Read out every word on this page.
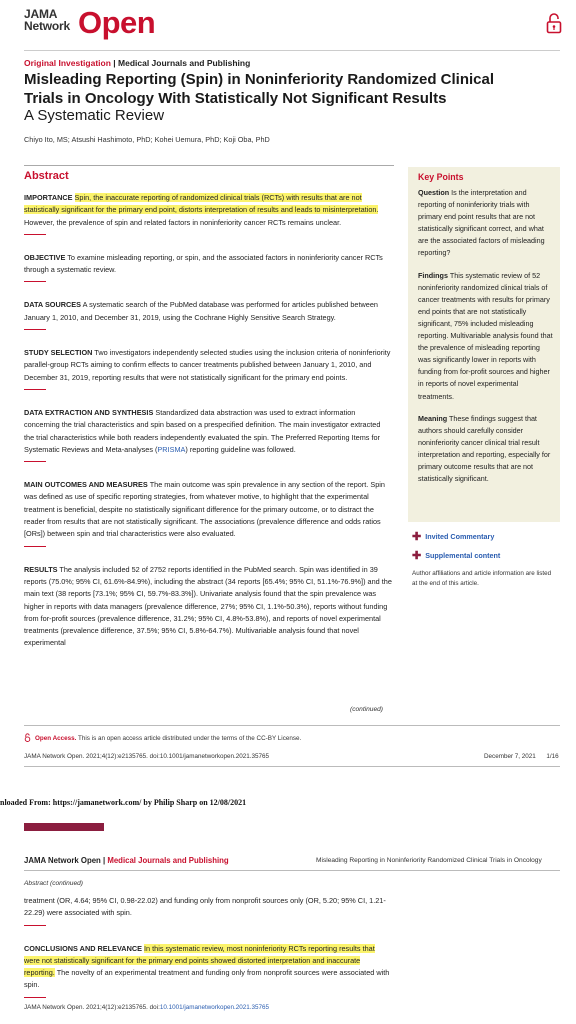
JAMA
Network Open
Original Investigation | Medical Journals and Publishing
Misleading Reporting (Spin) in Noninferiority Randomized Clinical Trials in Oncology With Statistically Not Significant Results
A Systematic Review
Chiyo Ito, MS; Atsushi Hashimoto, PhD; Kohei Uemura, PhD; Koji Oba, PhD
Abstract

IMPORTANCE Spin, the inaccurate reporting of randomized clinical trials (RCTs) with results that are not statistically significant for the primary end point, distorts interpretation of results and leads to misinterpretation. However, the prevalence of spin and related factors in noninferiority cancer RCTs remains unclear.

OBJECTIVE To examine misleading reporting, or spin, and the associated factors in noninferiority cancer RCTs through a systematic review.

DATA SOURCES A systematic search of the PubMed database was performed for articles published between January 1, 2010, and December 31, 2019, using the Cochrane Highly Sensitive Search Strategy.

STUDY SELECTION Two investigators independently selected studies using the inclusion criteria of noninferiority parallel-group RCTs aiming to confirm effects to cancer treatments published between January 1, 2010, and December 31, 2019, reporting results that were not statistically significant for the primary end points.

DATA EXTRACTION AND SYNTHESIS Standardized data abstraction was used to extract information concerning the trial characteristics and spin based on a prespecified definition. The main investigator extracted the trial characteristics while both readers independently evaluated the spin. The Preferred Reporting Items for Systematic Reviews and Meta-analyses (PRISMA) reporting guideline was followed.

MAIN OUTCOMES AND MEASURES The main outcome was spin prevalence in any section of the report. Spin was defined as use of specific reporting strategies, from whatever motive, to highlight that the experimental treatment is beneficial, despite no statistically significant difference for the primary outcome, or to distract the reader from results that are not statistically significant. The associations (prevalence difference and odds ratios [ORs]) between spin and trial characteristics were also evaluated.

RESULTS The analysis included 52 of 2752 reports identified in the PubMed search. Spin was identified in 39 reports (75.0%; 95% CI, 61.6%-84.9%), including the abstract (34 reports [65.4%; 95% CI, 51.1%-76.9%]) and the main text (38 reports [73.1%; 95% CI, 59.7%-83.3%]). Univariate analysis found that the spin prevalence was higher in reports with data managers (prevalence difference, 27%; 95% CI, 1.1%-50.3%), reports without funding from for-profit sources (prevalence difference, 31.2%; 95% CI, 4.8%-53.8%), and reports of novel experimental treatments (prevalence difference, 37.5%; 95% CI, 5.8%-64.7%). Multivariable analysis found that novel experimental

(continued)
Key Points

Question Is the interpretation and reporting of noninferiority trials with primary end point results that are not statistically significant correct, and what are the associated factors of misleading reporting?

Findings This systematic review of 52 noninferiority randomized clinical trials of cancer treatments with results for primary end points that are not statistically significant, 75% included misleading reporting. Multivariable analysis found that the prevalence of misleading reporting was significantly lower in reports with funding from for-profit sources and higher in reports of novel experimental treatments.

Meaning These findings suggest that authors should carefully consider noninferiority cancer clinical trial result interpretation and reporting, especially for primary outcome results that are not statistically significant.

✚ Invited Commentary
✚ Supplemental content
Author affiliations and article information are listed at the end of this article.
Open Access. This is an open access article distributed under the terms of the CC-BY License.
JAMA Network Open. 2021;4(12):e2135765. doi:10.1001/jamanetworkopen.2021.35765	December 7, 2021 1/16
nloaded From: https://jamanetwork.com/ by Philip Sharp on 12/08/2021
JAMA Network Open | Medical Journals and Publishing	Misleading Reporting in Noninferiority Randomized Clinical Trials in Oncology
Abstract (continued)

treatment (OR, 4.64; 95% CI, 0.98-22.02) and funding only from nonprofit sources only (OR, 5.20; 95% CI, 1.21-22.29) were associated with spin.

CONCLUSIONS AND RELEVANCE In this systematic review, most noninferiority RCTs reporting results that were not statistically significant for the primary end points showed distorted interpretation and inaccurate reporting. The novelty of an experimental treatment and funding only from nonprofit sources were associated with spin.

JAMA Network Open. 2021;4(12):e2135765. doi:10.1001/jamanetworkopen.2021.35765
